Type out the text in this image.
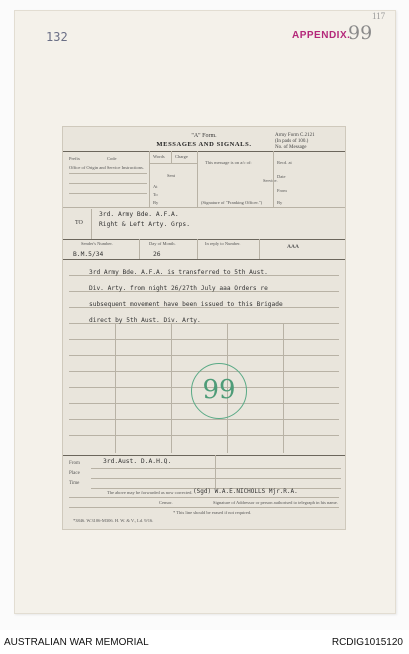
132	APPENDIX.
99
117
"A" Form.
MESSAGES AND SIGNALS.
Army Form C.2121
(In pads of 100.)
No. of Message
Prefix	Code	Words Charge
Office of Origin and Service Instructions.
Sent
At
To
By
This message is on a/c of:
Service.
(Signature of "Franking Officer.")
Recd. at
Date
From
By
TO
3rd. Army Bde. A.F.A.
Right & Left Arty. Grps.
Sender's Number.	Day of Month.	In reply to Number.
AAA
B.M.5/34	26
3rd Army Bde. A.F.A. is transferred to 5th Aust.
Div. Arty. from night 26/27th July aaa Orders re
subsequent movement have been issued to this Brigade
direct by 5th Aust. Div. Arty.
99
From
Place
Time
3rd.Aust. D.A.H.Q.
The above may be forwarded as now corrected. (Sgd) W.A.E.NICHOLLS Mjr.R.A.
Censor.	Signature of Addressor or person authorised to telegraph in his name.
* This line should be erased if not required.
*3846. W.3106-M306. H. W. & V., Ld. 9/16.
AUSTRALIAN WAR MEMORIAL	RCDIG1015120
